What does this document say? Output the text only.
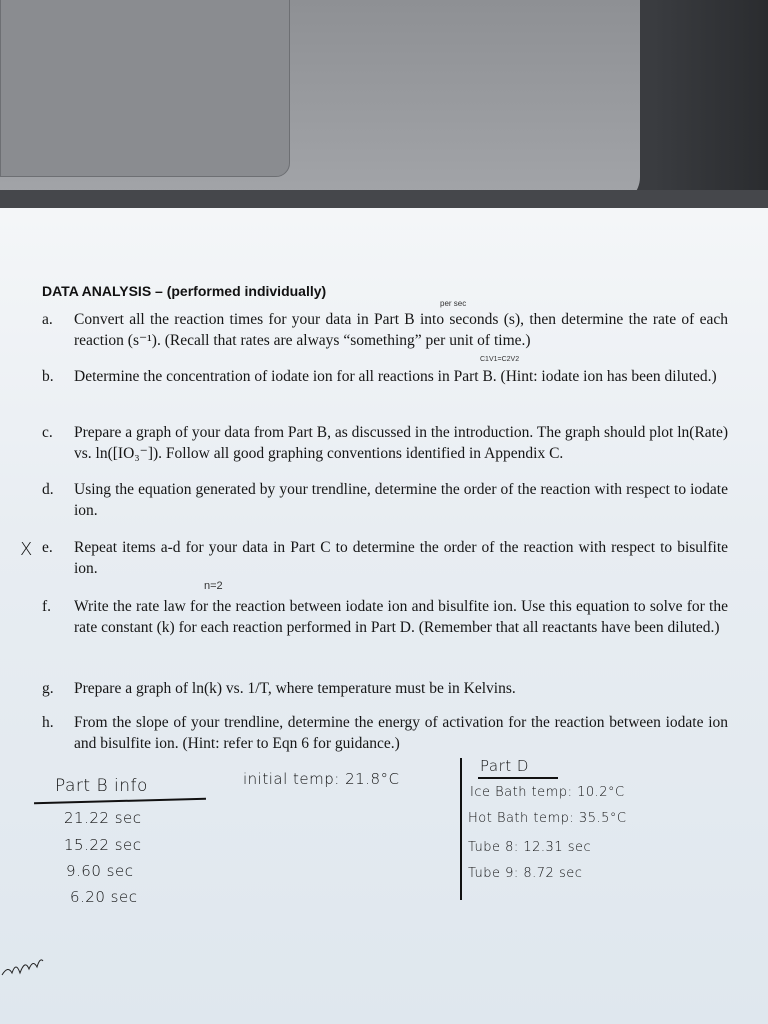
DATA ANALYSIS – (performed individually)
a. Convert all the reaction times for your data in Part B into seconds (s), then determine the rate of each reaction (s⁻¹). (Recall that rates are always “something” per unit of time.)
b. Determine the concentration of iodate ion for all reactions in Part B. (Hint: iodate ion has been diluted.)
c. Prepare a graph of your data from Part B, as discussed in the introduction. The graph should plot ln(Rate) vs. ln([IO₃⁻]). Follow all good graphing conventions identified in Appendix C.
d. Using the equation generated by your trendline, determine the order of the reaction with respect to iodate ion.
e. Repeat items a-d for your data in Part C to determine the order of the reaction with respect to bisulfite ion.
f. Write the rate law for the reaction between iodate ion and bisulfite ion. Use this equation to solve for the rate constant (k) for each reaction performed in Part D. (Remember that all reactants have been diluted.)
g. Prepare a graph of ln(k) vs. 1/T, where temperature must be in Kelvins.
h. From the slope of your trendline, determine the energy of activation for the reaction between iodate ion and bisulfite ion. (Hint: refer to Eqn 6 for guidance.)
per sec
C1V1=C2V2
n=2
X
Part B info
21.22 sec
15.22 sec
9.60 sec
6.20 sec
initial temp: 21.8°C
Part D
Ice Bath temp: 10.2°C
Hot Bath temp: 35.5°C
Tube 8: 12.31 sec
Tube 9: 8.72 sec
